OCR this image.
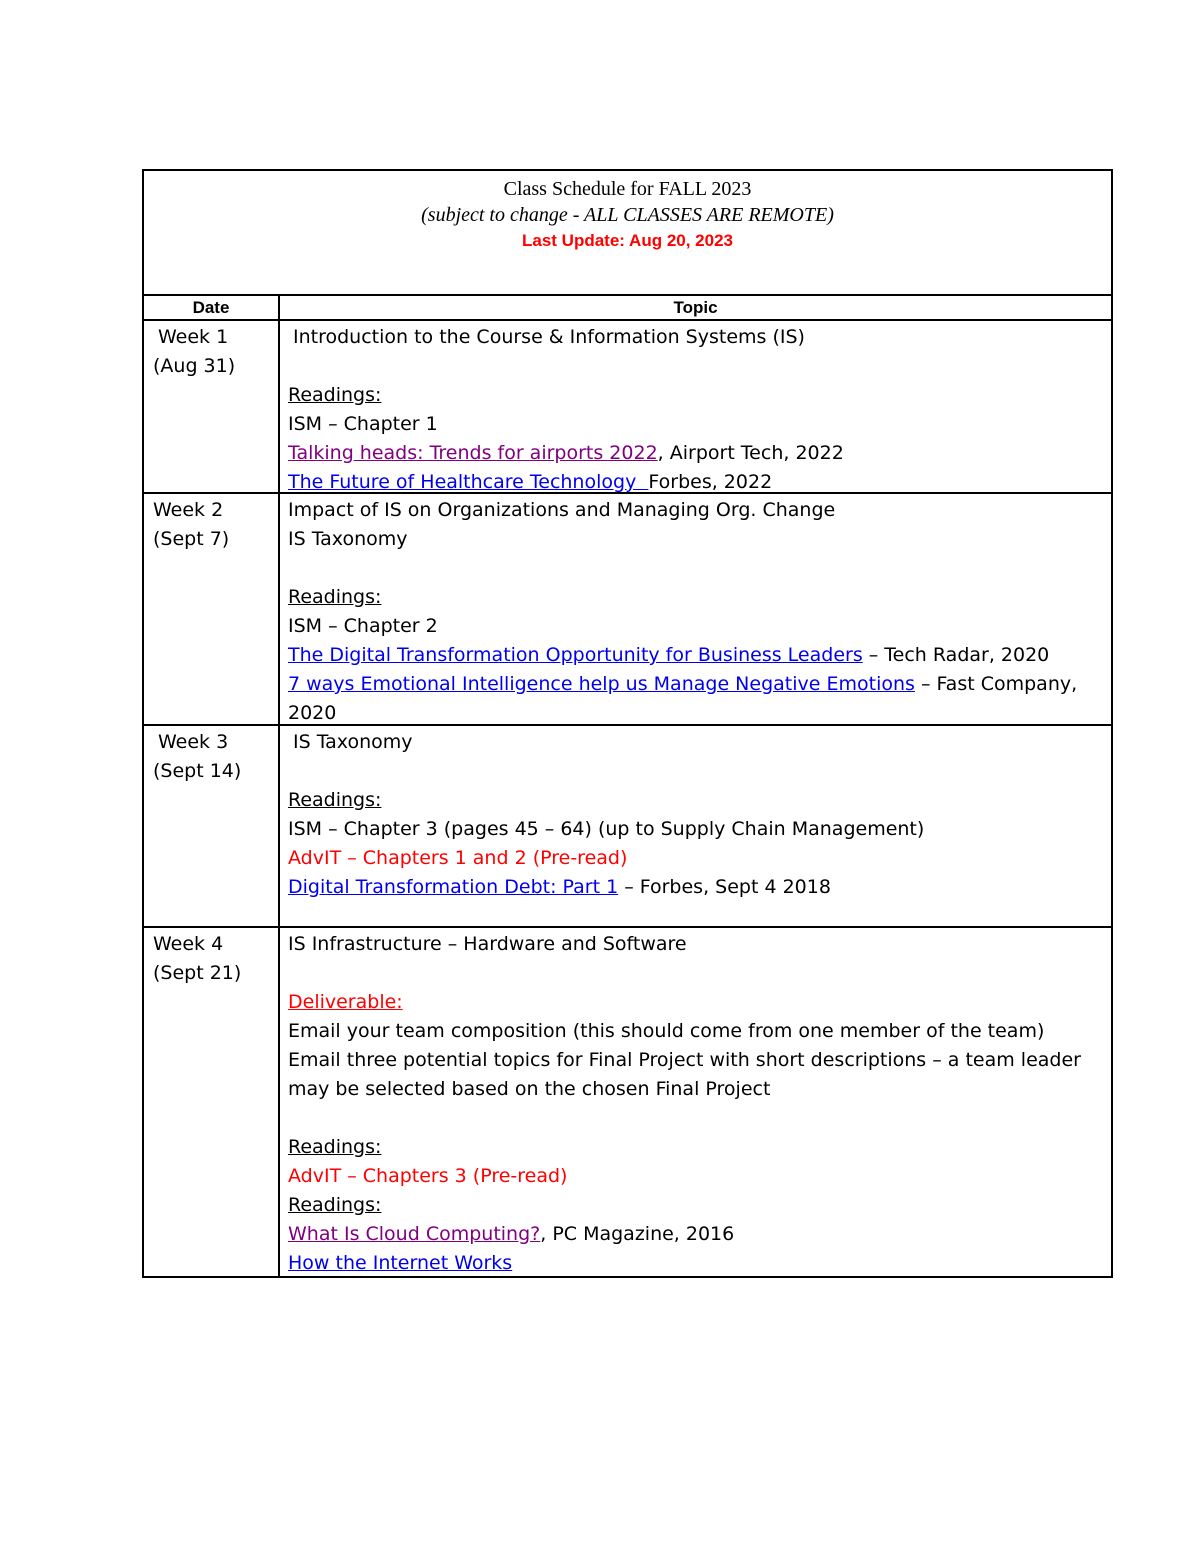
Class Schedule for FALL 2023
(subject to change - ALL CLASSES ARE REMOTE)
Last Update: Aug 20, 2023
Date	Topic
Week 1
(Aug 31)
Introduction to the Course & Information Systems (IS)
Readings:
ISM – Chapter 1
Talking heads: Trends for airports 2022, Airport Tech, 2022
The Future of Healthcare Technology  Forbes, 2022
Week 2
(Sept 7)
Impact of IS on Organizations and Managing Org. Change
IS Taxonomy
Readings:
ISM – Chapter 2
The Digital Transformation Opportunity for Business Leaders – Tech Radar, 2020
7 ways Emotional Intelligence help us Manage Negative Emotions – Fast Company,
2020
Week 3
(Sept 14)
IS Taxonomy
Readings:
ISM – Chapter 3 (pages 45 – 64) (up to Supply Chain Management)
AdvIT – Chapters 1 and 2 (Pre-read)
Digital Transformation Debt: Part 1 – Forbes, Sept 4 2018
Week 4
(Sept 21)
IS Infrastructure – Hardware and Software
Deliverable:
Email your team composition (this should come from one member of the team)
Email three potential topics for Final Project with short descriptions – a team leader may be selected based on the chosen Final Project
Readings:
AdvIT – Chapters 3 (Pre-read)
Readings:
What Is Cloud Computing?, PC Magazine, 2016
How the Internet Works
